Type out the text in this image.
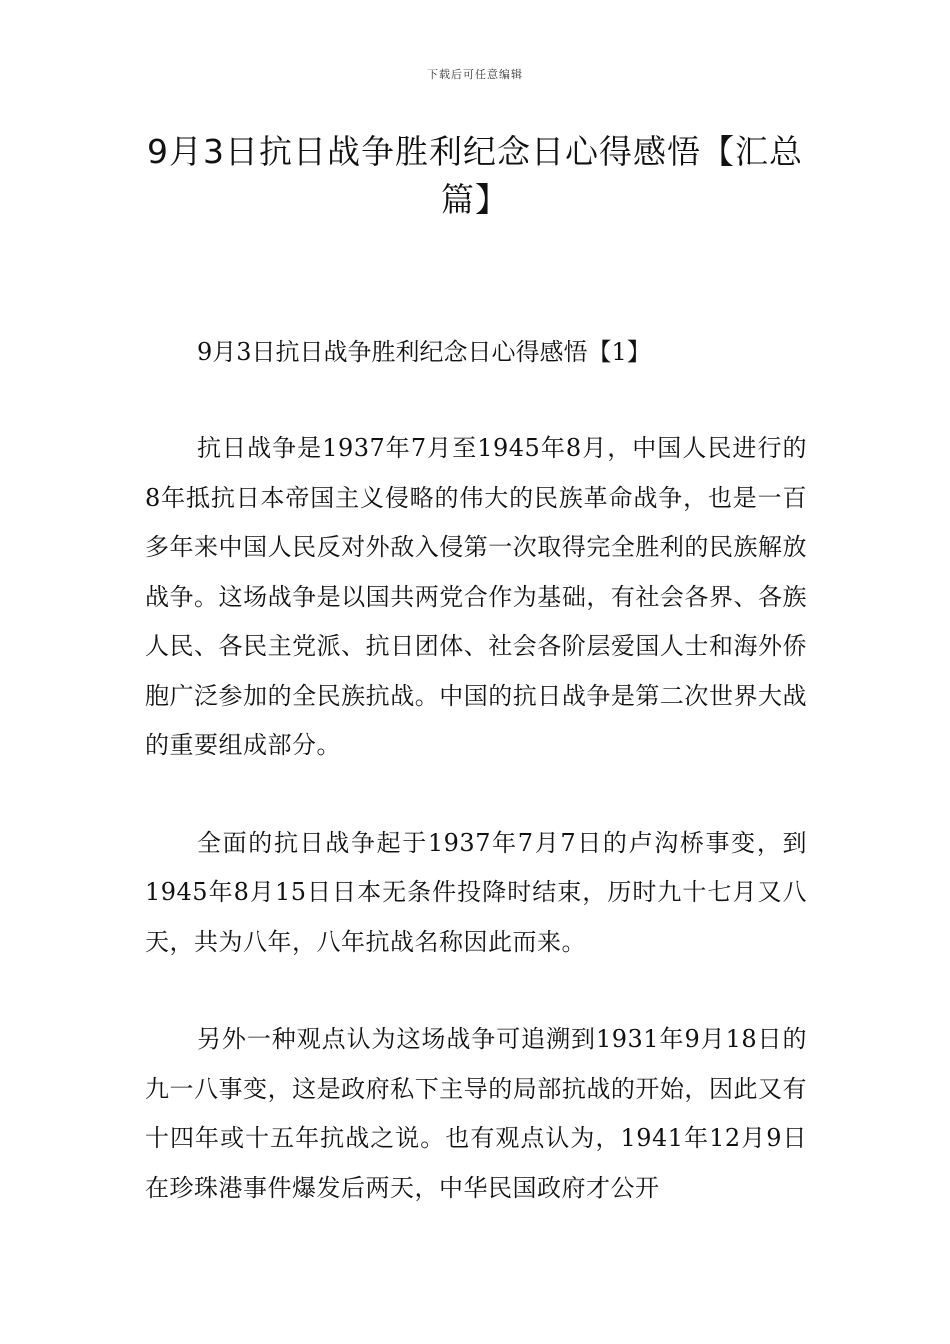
下载后可任意编辑
9月3日抗日战争胜利纪念日心得感悟【汇总篇】

9月3日抗日战争胜利纪念日心得感悟【1】

抗日战争是1937年7月至1945年8月，中国人民进行的8年抵抗日本帝国主义侵略的伟大的民族革命战争，也是一百多年来中国人民反对外敌入侵第一次取得完全胜利的民族解放战争。这场战争是以国共两党合作为基础，有社会各界、各族人民、各民主党派、抗日团体、社会各阶层爱国人士和海外侨胞广泛参加的全民族抗战。中国的抗日战争是第二次世界大战的重要组成部分。

全面的抗日战争起于1937年7月7日的卢沟桥事变，到1945年8月15日日本无条件投降时结束，历时九十七月又八天，共为八年，八年抗战名称因此而来。

另外一种观点认为这场战争可追溯到1931年9月18日的九一八事变，这是政府私下主导的局部抗战的开始，因此又有十四年或十五年抗战之说。也有观点认为，1941年12月9日在珍珠港事件爆发后两天，中华民国政府才公开
